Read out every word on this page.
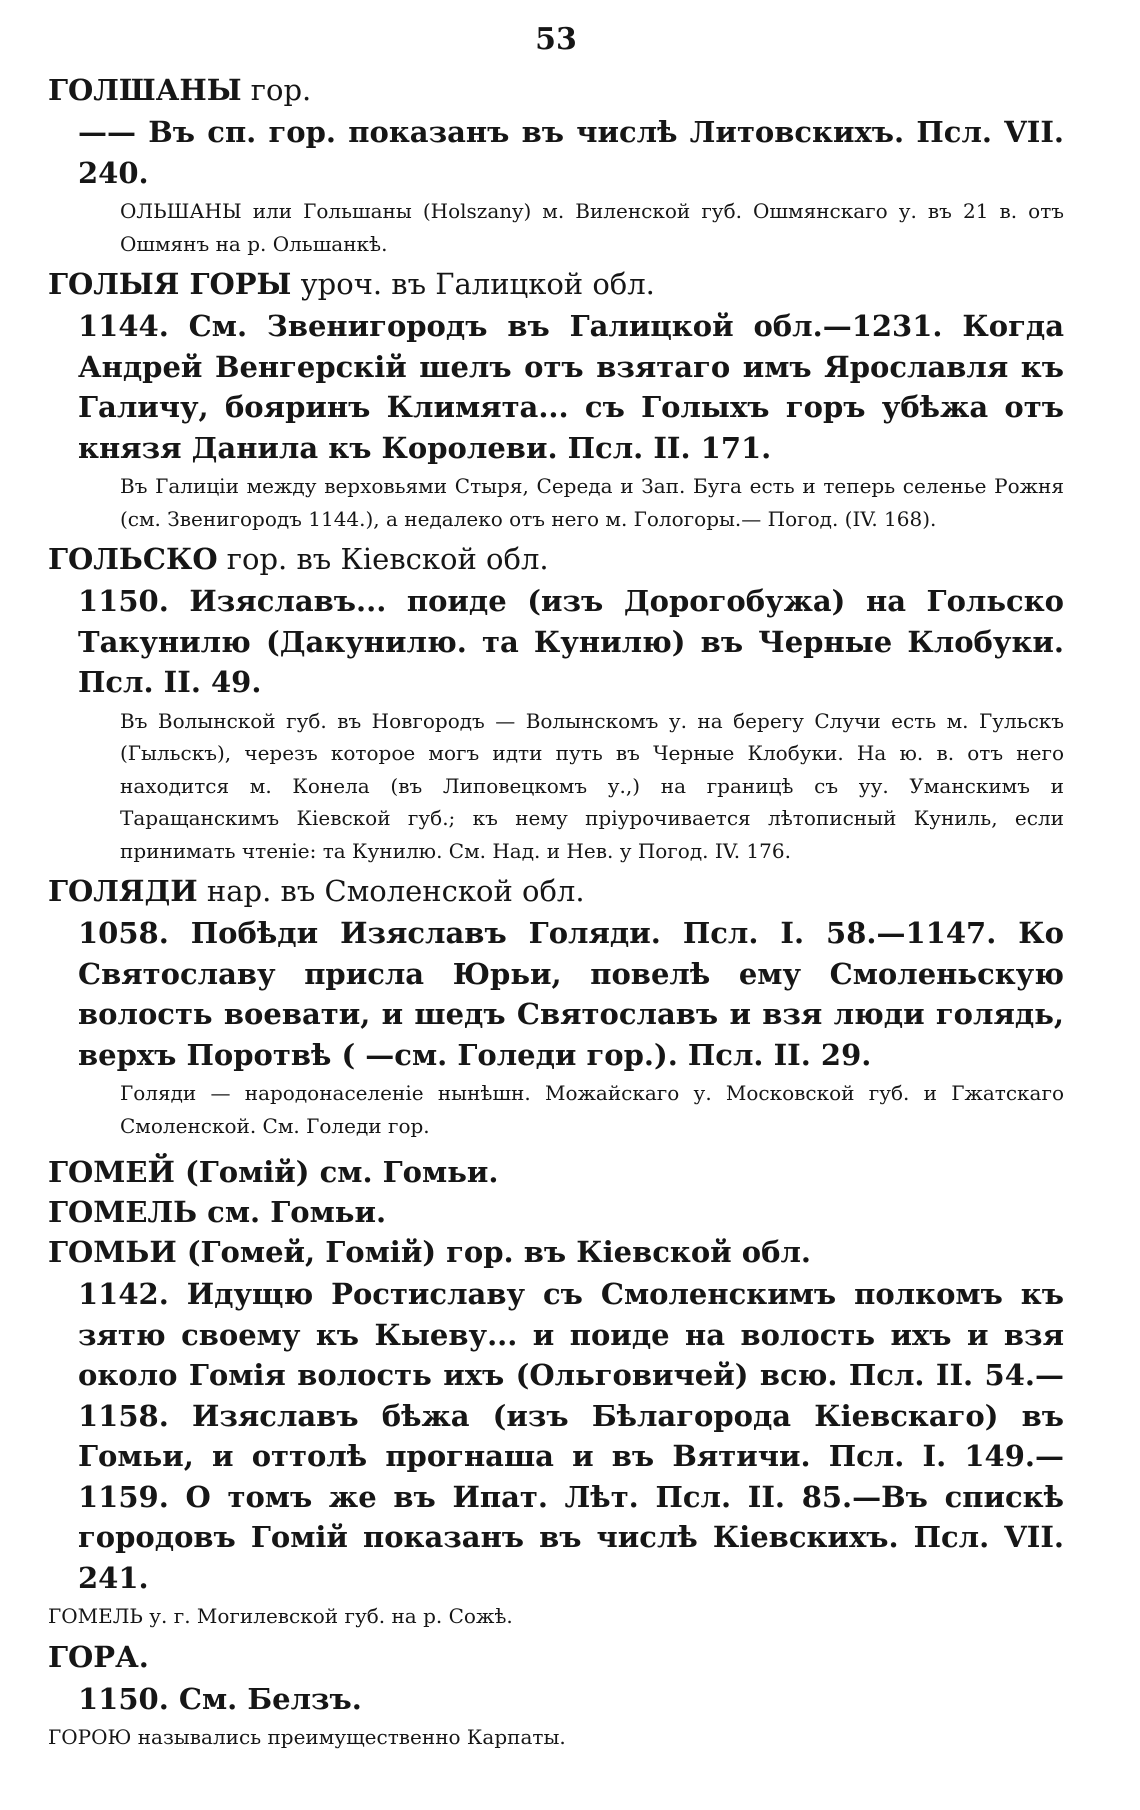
53

ГОЛШАНЫ гор.

—— Въ сп. гор. показанъ въ числѣ Литовскихъ. Псл. VII. 240.

ОЛЬШАНЫ или Гольшаны (Holszany) м. Виленской губ. Ошмянскаго у. въ 21 в. отъ Ошмянъ на р. Ольшанкѣ.

ГОЛЫЯ ГОРЫ уроч. въ Галицкой обл.

1144. См. Звенигородъ въ Галицкой обл.—1231. Когда Андрей Венгерскій шелъ отъ взятаго имъ Ярославля къ Галичу, бояринъ Климята... съ Голыхъ горъ убѣжа отъ князя Данила къ Королеви. Псл. II. 171.

Въ Галиціи между верховьями Стыря, Середа и Зап. Буга есть и теперь селенье Рожня (см. Звенигородъ 1144.), а недалеко отъ него м. Гологоры.— Погод. (IV. 168).

ГОЛЬСКО гор. въ Кіевской обл.

1150. Изяславъ... поиде (изъ Дорогобужа) на Гольско Такунилю (Дакунилю. та Кунилю) въ Черные Клобуки. Псл. II. 49.

Въ Волынской губ. въ Новгородъ — Волынскомъ у. на берегу Случи есть м. Гульскъ (Гыльскъ), черезъ которое могъ идти путь въ Черные Клобуки. На ю. в. отъ него находится м. Конела (въ Липовецкомъ у.,) на границѣ съ уу. Уманскимъ и Таращанскимъ Кіевской губ.; къ нему пріурочивается лѣтописный Куниль, если принимать чтеніе: та Кунилю. См. Над. и Нев. у Погод. IV. 176.

ГОЛЯДИ нар. въ Смоленской обл.

1058. Побѣди Изяславъ Голяди. Псл. I. 58.—1147. Ко Святославу присла Юрьи, повелѣ ему Смоленьскую волость воевати, и шедъ Святославъ и взя люди голядь, верхъ Поротвѣ ( —см. Голеди гор.). Псл. II. 29.

Голяди — народонаселеніе нынѣшн. Можайскаго у. Московской губ. и Гжатскаго Смоленской. См. Голеди гор.

ГОМЕЙ (Гомій) см. Гомьи.

ГОМЕЛЬ см. Гомьи.

ГОМЬИ (Гомей, Гомій) гор. въ Кіевской обл.

1142. Идущю Ростиславу съ Смоленскимъ полкомъ къ зятю своему къ Кыеву... и поиде на волость ихъ и взя около Гомія волость ихъ (Ольговичей) всю. Псл. II. 54.— 1158. Изяславъ бѣжа (изъ Бѣлагорода Кіевскаго) въ Гомьи, и оттолѣ прогнаша и въ Вятичи. Псл. I. 149.— 1159. О томъ же въ Ипат. Лѣт. Псл. II. 85.—Въ спискѣ городовъ Гомій показанъ въ числѣ Кіевскихъ. Псл. VII. 241.

ГОМЕЛЬ у. г. Могилевской губ. на р. Сожѣ.

ГОРА.

1150. См. Белзъ.

ГОРОЮ назывались преимущественно Карпаты.
